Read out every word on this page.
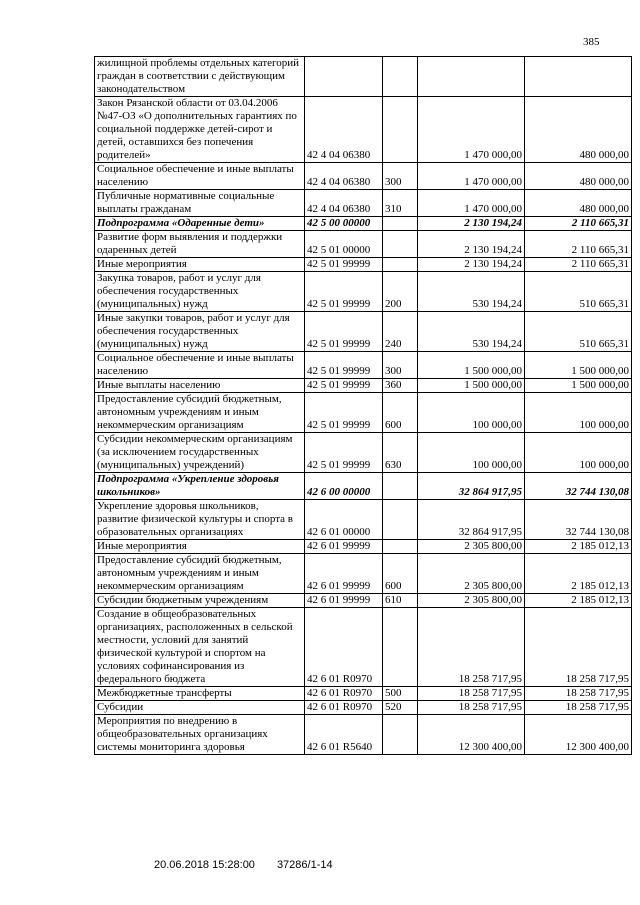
385
жилищной проблемы отдельных категорий граждан в соответствии с действующим законодательством				
Закон Рязанской области от 03.04.2006 №47-ОЗ «О дополнительных гарантиях по социальной поддержке детей-сирот и детей, оставшихся без попечения родителей»	42 4 04 06380		1 470 000,00	480 000,00
Социальное обеспечение и иные выплаты населению	42 4 04 06380	300	1 470 000,00	480 000,00
Публичные нормативные социальные выплаты гражданам	42 4 04 06380	310	1 470 000,00	480 000,00
Подпрограмма «Одаренные дети»	42 5 00 00000		2 130 194,24	2 110 665,31
Развитие форм выявления и поддержки одаренных детей	42 5 01 00000		2 130 194,24	2 110 665,31
Иные мероприятия	42 5 01 99999		2 130 194,24	2 110 665,31
Закупка товаров, работ и услуг для обеспечения государственных (муниципальных) нужд	42 5 01 99999	200	530 194,24	510 665,31
Иные закупки товаров, работ и услуг для обеспечения государственных (муниципальных) нужд	42 5 01 99999	240	530 194,24	510 665,31
Социальное обеспечение и иные выплаты населению	42 5 01 99999	300	1 500 000,00	1 500 000,00
Иные выплаты населению	42 5 01 99999	360	1 500 000,00	1 500 000,00
Предоставление субсидий бюджетным, автономным учреждениям и иным некоммерческим организациям	42 5 01 99999	600	100 000,00	100 000,00
Субсидии некоммерческим организациям (за исключением государственных (муниципальных) учреждений)	42 5 01 99999	630	100 000,00	100 000,00
Подпрограмма «Укрепление здоровья школьников»	42 6 00 00000		32 864 917,95	32 744 130,08
Укрепление здоровья школьников, развитие физической культуры и спорта в образовательных организациях	42 6 01 00000		32 864 917,95	32 744 130,08
Иные мероприятия	42 6 01 99999		2 305 800,00	2 185 012,13
Предоставление субсидий бюджетным, автономным учреждениям и иным некоммерческим организациям	42 6 01 99999	600	2 305 800,00	2 185 012,13
Субсидии бюджетным учреждениям	42 6 01 99999	610	2 305 800,00	2 185 012,13
Создание в общеобразовательных организациях, расположенных в сельской местности, условий для занятий физической культурой и спортом на условиях софинансирования из федерального бюджета	42 6 01 R0970		18 258 717,95	18 258 717,95
Межбюджетные трансферты	42 6 01 R0970	500	18 258 717,95	18 258 717,95
Субсидии	42 6 01 R0970	520	18 258 717,95	18 258 717,95
Мероприятия по внедрению в общеобразовательных организациях системы мониторинга здоровья	42 6 01 R5640		12 300 400,00	12 300 400,00
20.06.2018 15:28:00 37286/1-14
